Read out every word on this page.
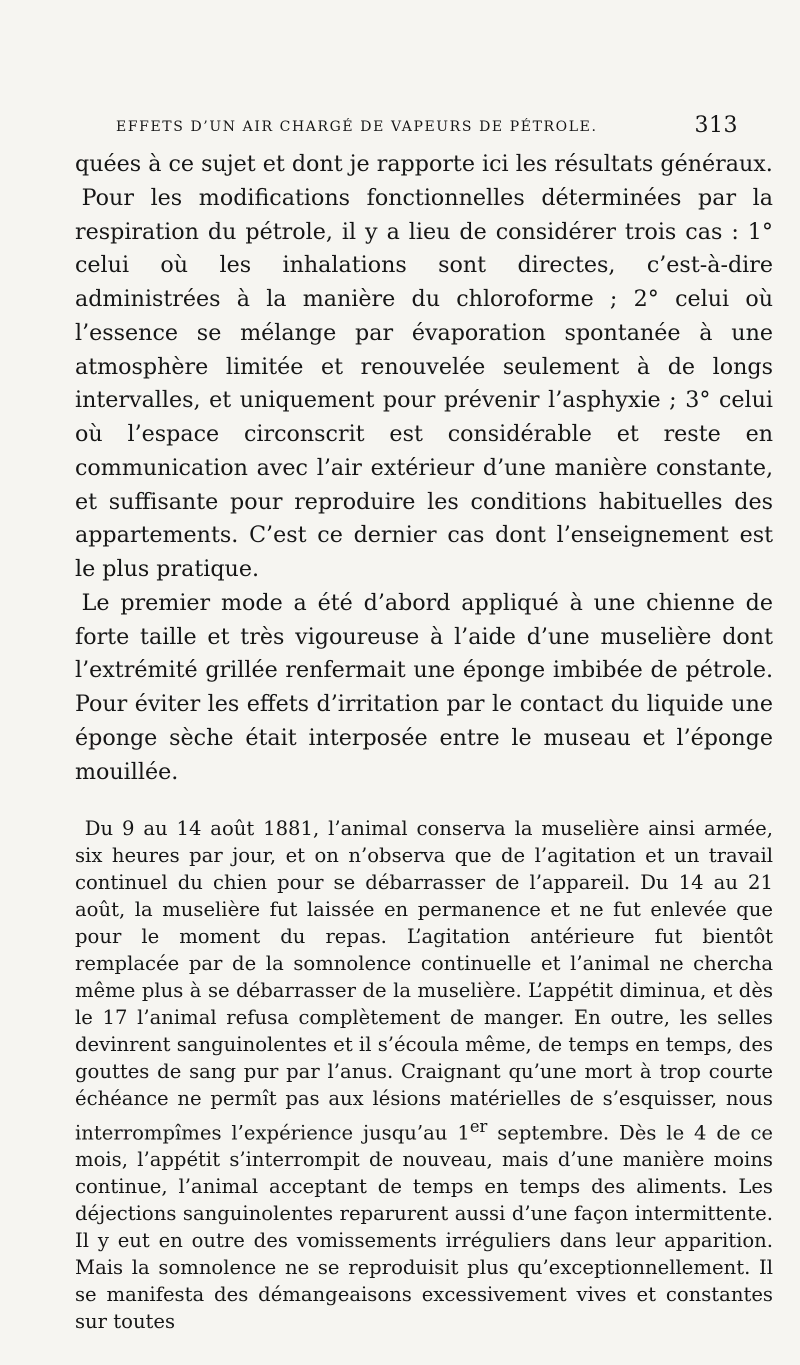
EFFETS D’UN AIR CHARGÉ DE VAPEURS DE PÉTROLE.	313

quées à ce sujet et dont je rapporte ici les résultats généraux.

Pour les modifications fonctionnelles déterminées par la respiration du pétrole, il y a lieu de considérer trois cas : 1° celui où les inhalations sont directes, c’est-à-dire administrées à la manière du chloroforme ; 2° celui où l’essence se mélange par évaporation spontanée à une atmosphère limitée et renouvelée seulement à de longs intervalles, et uniquement pour prévenir l’asphyxie ; 3° celui où l’espace circonscrit est considérable et reste en communication avec l’air extérieur d’une manière constante, et suffisante pour reproduire les conditions habituelles des appartements. C’est ce dernier cas dont l’enseignement est le plus pratique.

Le premier mode a été d’abord appliqué à une chienne de forte taille et très vigoureuse à l’aide d’une muselière dont l’extrémité grillée renfermait une éponge imbibée de pétrole. Pour éviter les effets d’irritation par le contact du liquide une éponge sèche était interposée entre le museau et l’éponge mouillée.

Du 9 au 14 août 1881, l’animal conserva la muselière ainsi armée, six heures par jour, et on n’observa que de l’agitation et un travail continuel du chien pour se débarrasser de l’appareil. Du 14 au 21 août, la muselière fut laissée en permanence et ne fut enlevée que pour le moment du repas. L’agitation antérieure fut bientôt remplacée par de la somnolence continuelle et l’animal ne chercha même plus à se débarrasser de la muselière. L’appétit diminua, et dès le 17 l’animal refusa complètement de manger. En outre, les selles devinrent sanguinolentes et il s’écoula même, de temps en temps, des gouttes de sang pur par l’anus. Craignant qu’une mort à trop courte échéance ne permît pas aux lésions matérielles de s’esquisser, nous interrompîmes l’expérience jusqu’au 1er septembre. Dès le 4 de ce mois, l’appétit s’interrompit de nouveau, mais d’une manière moins continue, l’animal acceptant de temps en temps des aliments. Les déjections sanguinolentes reparurent aussi d’une façon intermittente. Il y eut en outre des vomissements irréguliers dans leur apparition. Mais la somnolence ne se reproduisit plus qu’exceptionnellement. Il se manifesta des démangeaisons excessivement vives et constantes sur toutes
